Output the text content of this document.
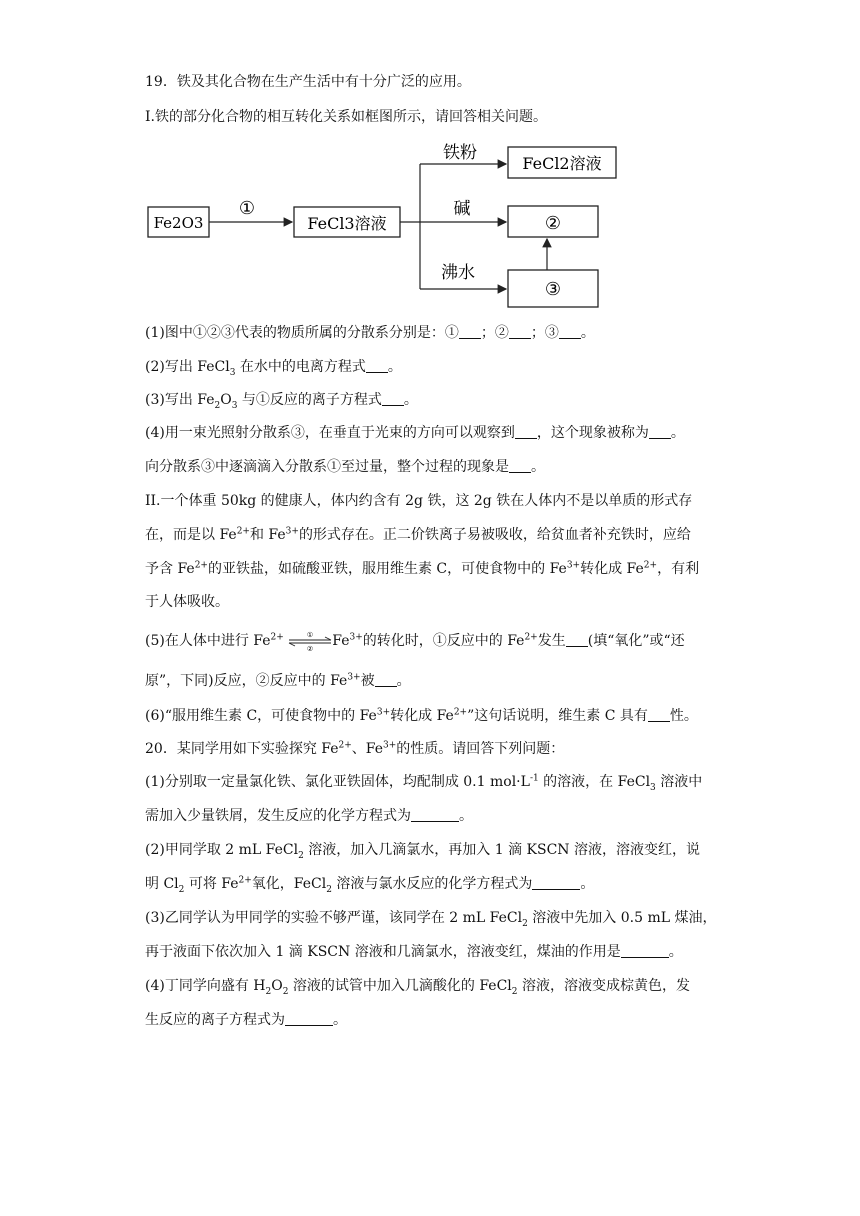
19．铁及其化合物在生产生活中有十分广泛的应用。
I.铁的部分化合物的相互转化关系如框图所示，请回答相关问题。
Fe2O3
①
FeCl3溶液
铁粉
碱
沸水
FeCl2溶液
②
③
(1)图中①②③代表的物质所属的分散系分别是：① ；② ；③ 。
(2)写出 FeCl$_3$ 在水中的电离方程式 。
(3)写出 $Fe_2O_3$ 与①反应的离子方程式 。
(4)用一束光照射分散系③，在垂直于光束的方向可以观察到 ，这个现象被称为 。
向分散系③中逐滴滴入分散系①至过量，整个过程的现象是 。
II.一个体重 50kg 的健康人，体内约含有 2g 铁，这 2g 铁在人体内不是以单质的形式存
在，而是以 $Fe^{2+}$和 $Fe^{3+}$的形式存在。正二价铁离子易被吸收，给贫血者补充铁时，应给
予含 $Fe^{2+}$的亚铁盐，如硫酸亚铁，服用维生素 C，可使食物中的 $Fe^{3+}$转化成 $Fe^{2+}$，有利
于人体吸收。
(5)在人体中进行 $Fe^{2+}$	①
② $Fe^{3+}$的转化时，①反应中的 $Fe^{2+}$发生 (填“氧化”或“还
原”，下同)反应，②反应中的 $Fe^{3+}$被 。
(6)“服用维生素 C，可使食物中的 $Fe^{3+}$转化成 $Fe^{2+}$”这句话说明，维生素 C 具有 性。
20．某同学用如下实验探究 $Fe^{2+}$、$Fe^{3+}$的性质。请回答下列问题：
(1)分别取一定量氯化铁、氯化亚铁固体，均配制成 0.1 $mol\cdot L^{-1}$ 的溶液，在 FeCl$_3$ 溶液中
需加入少量铁屑，发生反应的化学方程式为	。
(2)甲同学取 2 mL FeCl$_2$ 溶液，加入几滴氯水，再加入 1 滴 KSCN 溶液，溶液变红，说
明 $Cl_2$ 可将 $Fe^{2+}$氧化，FeCl$_2$ 溶液与氯水反应的化学方程式为	。
(3)乙同学认为甲同学的实验不够严谨，该同学在 2 mL FeCl$_2$ 溶液中先加入 0.5 mL 煤油，
再于液面下依次加入 1 滴 KSCN 溶液和几滴氯水，溶液变红，煤油的作用是	。
(4)丁同学向盛有 $H_2O_2$ 溶液的试管中加入几滴酸化的 FeCl$_2$ 溶液，溶液变成棕黄色，发
生反应的离子方程式为	。
